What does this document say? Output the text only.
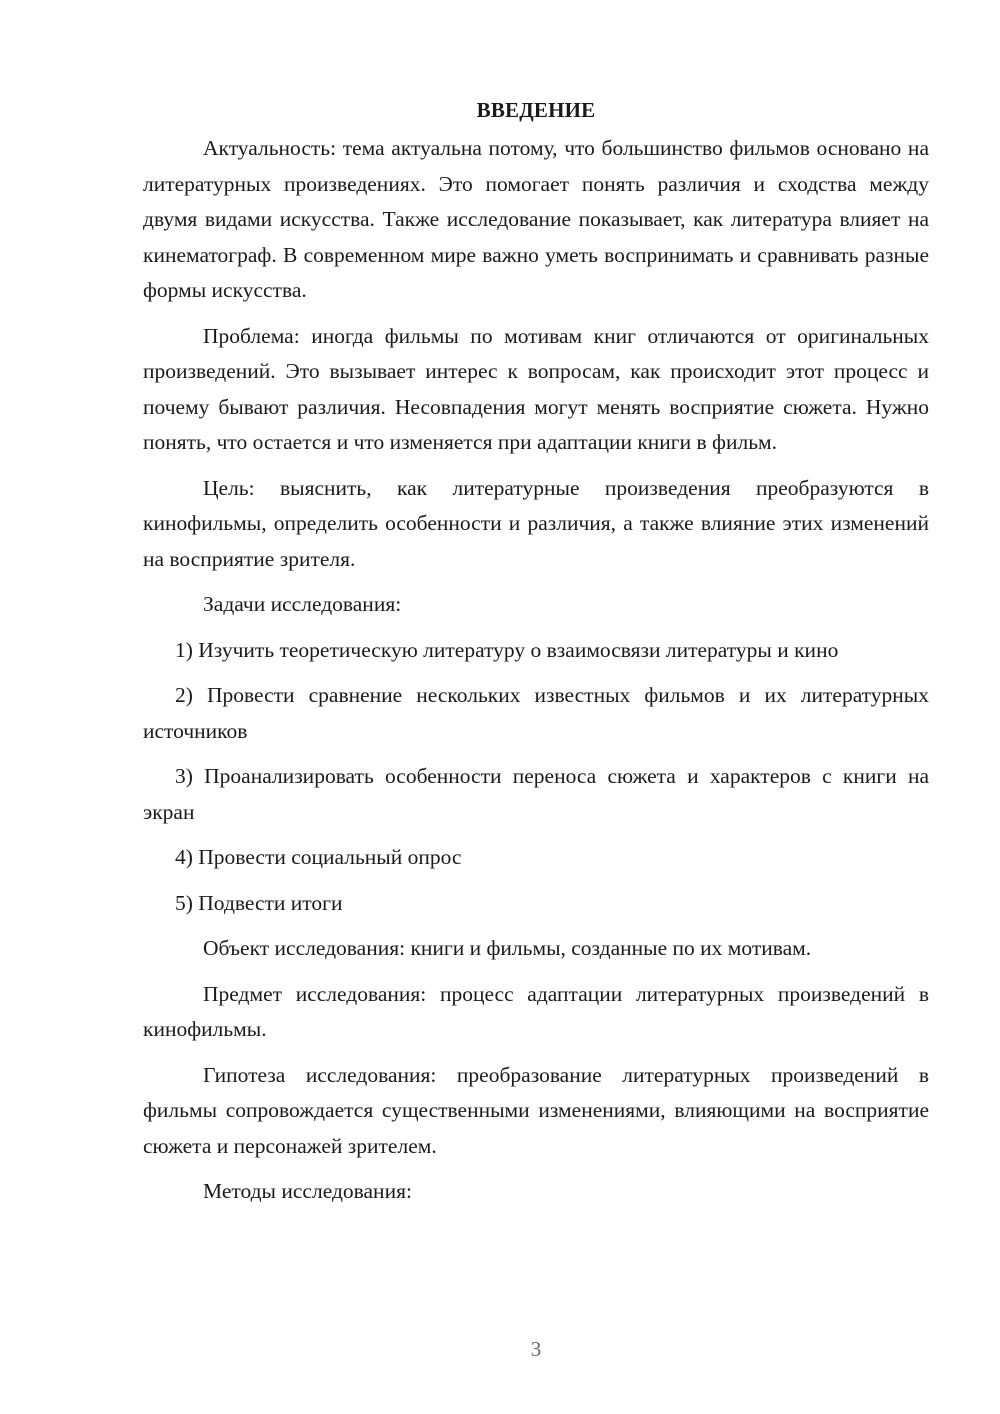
ВВЕДЕНИЕ

Актуальность: тема актуальна потому, что большинство фильмов основано на литературных произведениях. Это помогает понять различия и сходства между двумя видами искусства. Также исследование показывает, как литература влияет на кинематограф. В современном мире важно уметь воспринимать и сравнивать разные формы искусства.

Проблема: иногда фильмы по мотивам книг отличаются от оригинальных произведений. Это вызывает интерес к вопросам, как происходит этот процесс и почему бывают различия. Несовпадения могут менять восприятие сюжета. Нужно понять, что остается и что изменяется при адаптации книги в фильм.

Цель: выяснить, как литературные произведения преобразуются в кинофильмы, определить особенности и различия, а также влияние этих изменений на восприятие зрителя.

Задачи исследования:

1) Изучить теоретическую литературу о взаимосвязи литературы и кино

2) Провести сравнение нескольких известных фильмов и их литературных источников

3) Проанализировать особенности переноса сюжета и характеров с книги на экран

4) Провести социальный опрос

5) Подвести итоги

Объект исследования: книги и фильмы, созданные по их мотивам.

Предмет исследования: процесс адаптации литературных произведений в кинофильмы.

Гипотеза исследования: преобразование литературных произведений в фильмы сопровождается существенными изменениями, влияющими на восприятие сюжета и персонажей зрителем.

Методы исследования:

3
